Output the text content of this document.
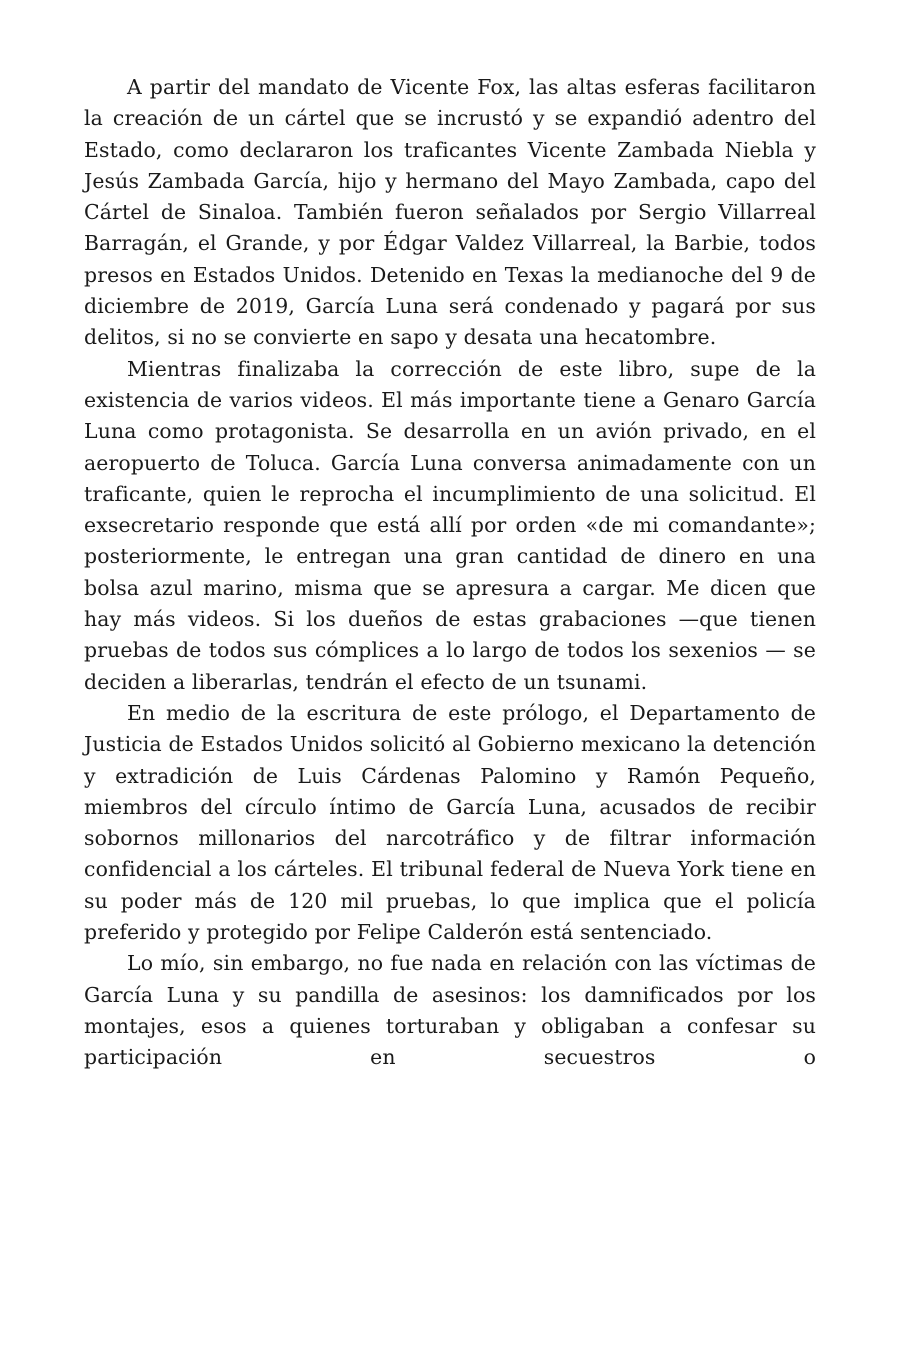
A partir del mandato de Vicente Fox, las altas esferas facilitaron la creación de un cártel que se incrustó y se expandió adentro del Estado, como declararon los traficantes Vicente Zambada Niebla y Jesús Zambada García, hijo y hermano del Mayo Zambada, capo del Cártel de Sinaloa. También fueron señalados por Sergio Villarreal Barragán, el Grande, y por Édgar Valdez Villarreal, la Barbie, todos presos en Estados Unidos. Detenido en Texas la medianoche del 9 de diciembre de 2019, García Luna será condenado y pagará por sus delitos, si no se convierte en sapo y desata una hecatombre.

Mientras finalizaba la corrección de este libro, supe de la existencia de varios videos. El más importante tiene a Genaro García Luna como protagonista. Se desarrolla en un avión privado, en el aeropuerto de Toluca. García Luna conversa animadamente con un traficante, quien le reprocha el incumplimiento de una solicitud. El exsecretario responde que está allí por orden «de mi comandante»; posteriormente, le entregan una gran cantidad de dinero en una bolsa azul marino, misma que se apresura a cargar. Me dicen que hay más videos. Si los dueños de estas grabaciones —que tienen pruebas de todos sus cómplices a lo largo de todos los sexenios — se deciden a liberarlas, tendrán el efecto de un tsunami.

En medio de la escritura de este prólogo, el Departamento de Justicia de Estados Unidos solicitó al Gobierno mexicano la detención y extradición de Luis Cárdenas Palomino y Ramón Pequeño, miembros del círculo íntimo de García Luna, acusados de recibir sobornos millonarios del narcotráfico y de filtrar información confidencial a los cárteles. El tribunal federal de Nueva York tiene en su poder más de 120 mil pruebas, lo que implica que el policía preferido y protegido por Felipe Calderón está sentenciado.

Lo mío, sin embargo, no fue nada en relación con las víctimas de García Luna y su pandilla de asesinos: los damnificados por los montajes, esos a quienes torturaban y obligaban a confesar su participación en secuestros o
